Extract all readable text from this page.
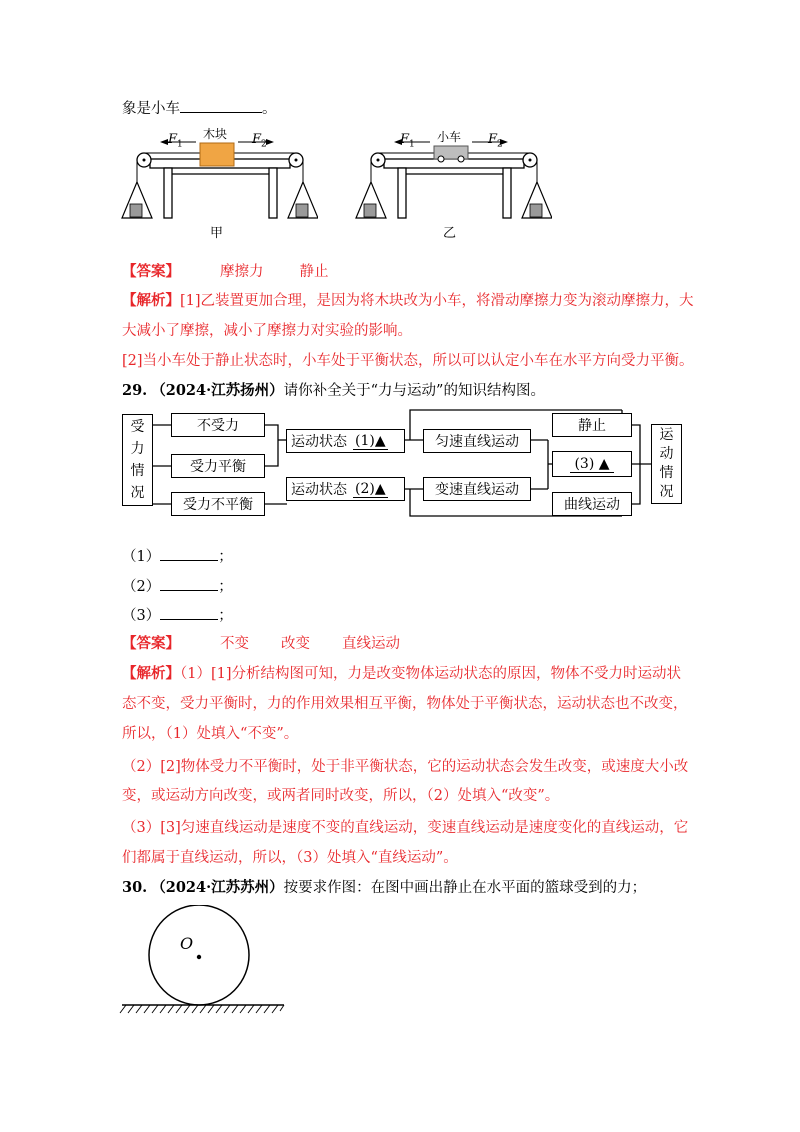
象是小车	。
木块
$F_1$	$F_2$
甲
小车
$F_1$	$F_2$
乙
【答案】	摩擦力 静止
【解析】[1]乙装置更加合理，是因为将木块改为小车，将滑动摩擦力变为滚动摩擦力，大
大减小了摩擦，减小了摩擦力对实验的影响。
[2]当小车处于静止状态时，小车处于平衡状态，所以可以认定小车在水平方向受力平衡。
29. （2024·江苏扬州）请你补全关于“力与运动”的知识结构图。
受
力
情
况
不受力
受力平衡
受力不平衡
运动状态 (1)▲
运动状态 (2)▲
匀速直线运动
变速直线运动
静止
(3) ▲
曲线运动
运
动
情
况
（1）	；
（2）	；
（3）	；
【答案】	不变 改变 直线运动
【解析】（1）[1]分析结构图可知，力是改变物体运动状态的原因，物体不受力时运动状
态不变，受力平衡时，力的作用效果相互平衡，物体处于平衡状态，运动状态也不改变，
所以，（1）处填入“不变”。
（2）[2]物体受力不平衡时，处于非平衡状态，它的运动状态会发生改变，或速度大小改
变，或运动方向改变，或两者同时改变，所以，（2）处填入“改变”。
（3）[3]匀速直线运动是速度不变的直线运动，变速直线运动是速度变化的直线运动，它
们都属于直线运动，所以，（3）处填入“直线运动”。
30. （2024·江苏苏州）按要求作图：在图中画出静止在水平面的篮球受到的力；
O
